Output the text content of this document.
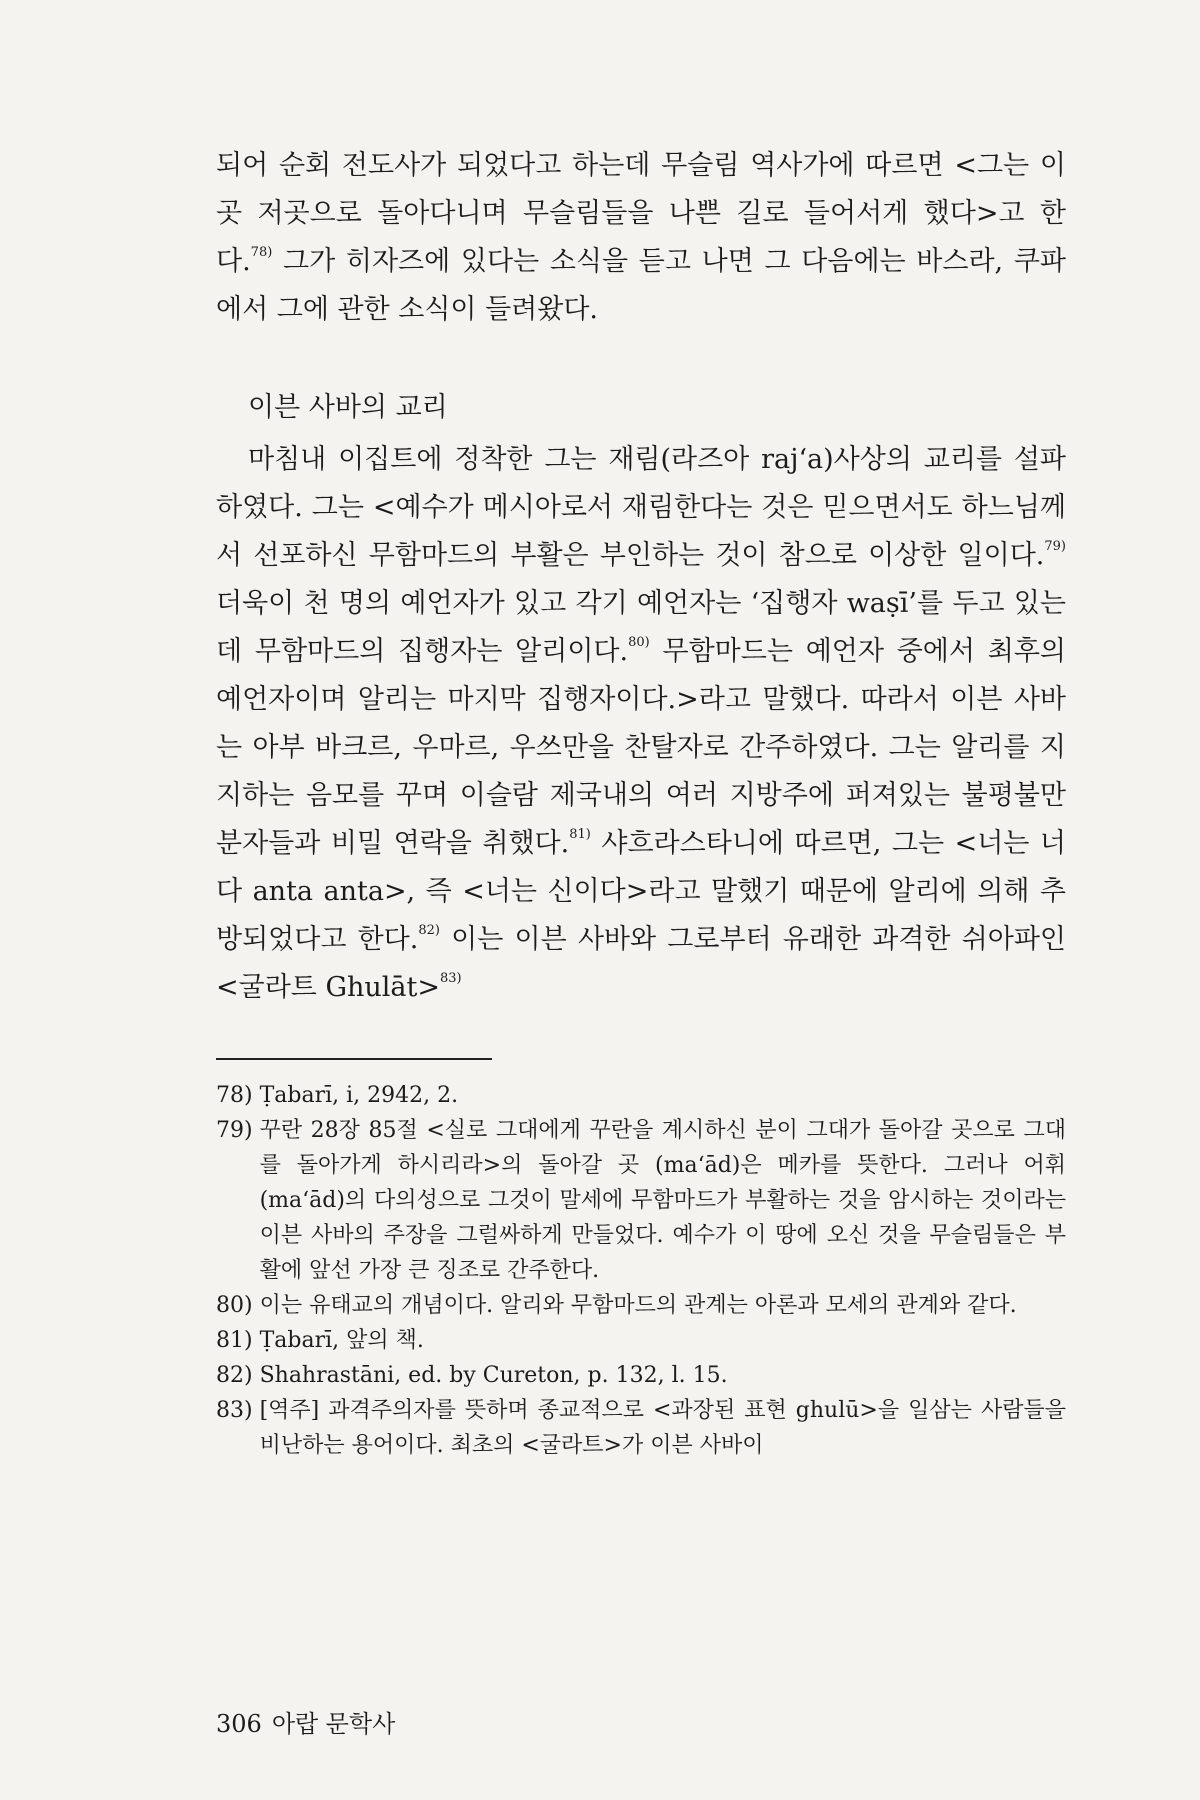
되어 순회 전도사가 되었다고 하는데 무슬림 역사가에 따르면 <그는 이곳 저곳으로 돌아다니며 무슬림들을 나쁜 길로 들어서게 했다>고 한다.$^{78)}$ 그가 히자즈에 있다는 소식을 듣고 나면 그 다음에는 바스라, 쿠파에서 그에 관한 소식이 들려왔다.

이븐 사바의 교리

마침내 이집트에 정착한 그는 재림(라즈아 raj‘a)사상의 교리를 설파하였다. 그는 <예수가 메시아로서 재림한다는 것은 믿으면서도 하느님께서 선포하신 무함마드의 부활은 부인하는 것이 참으로 이상한 일이다.$^{79)}$ 더욱이 천 명의 예언자가 있고 각기 예언자는 ‘집행자 waṣī’를 두고 있는데 무함마드의 집행자는 알리이다.$^{80)}$ 무함마드는 예언자 중에서 최후의 예언자이며 알리는 마지막 집행자이다.>라고 말했다. 따라서 이븐 사바는 아부 바크르, 우마르, 우쓰만을 찬탈자로 간주하였다. 그는 알리를 지지하는 음모를 꾸며 이슬람 제국내의 여러 지방주에 퍼져있는 불평불만 분자들과 비밀 연락을 취했다.$^{81)}$ 샤흐라스타니에 따르면, 그는 <너는 너다 anta anta>, 즉 <너는 신이다>라고 말했기 때문에 알리에 의해 추방되었다고 한다.$^{82)}$ 이는 이븐 사바와 그로부터 유래한 과격한 쉬아파인 <굴라트 Ghulāt>$^{83)}$

78) Ṭabarī, i, 2942, 2.
79) 꾸란 28장 85절 <실로 그대에게 꾸란을 계시하신 분이 그대가 돌아갈 곳으로 그대를 돌아가게 하시리라>의 돌아갈 곳 (ma‘ād)은 메카를 뜻한다. 그러나 어휘(ma‘ād)의 다의성으로 그것이 말세에 무함마드가 부활하는 것을 암시하는 것이라는 이븐 사바의 주장을 그럴싸하게 만들었다. 예수가 이 땅에 오신 것을 무슬림들은 부활에 앞선 가장 큰 징조로 간주한다.
80) 이는 유태교의 개념이다. 알리와 무함마드의 관계는 아론과 모세의 관계와 같다.
81) Ṭabarī, 앞의 책.
82) Shahrastāni, ed. by Cureton, p. 132, l. 15.
83) [역주] 과격주의자를 뜻하며 종교적으로 <과장된 표현 ghulū>을 일삼는 사람들을 비난하는 용어이다. 최초의 <굴라트>가 이븐 사바이
306 아랍 문학사
